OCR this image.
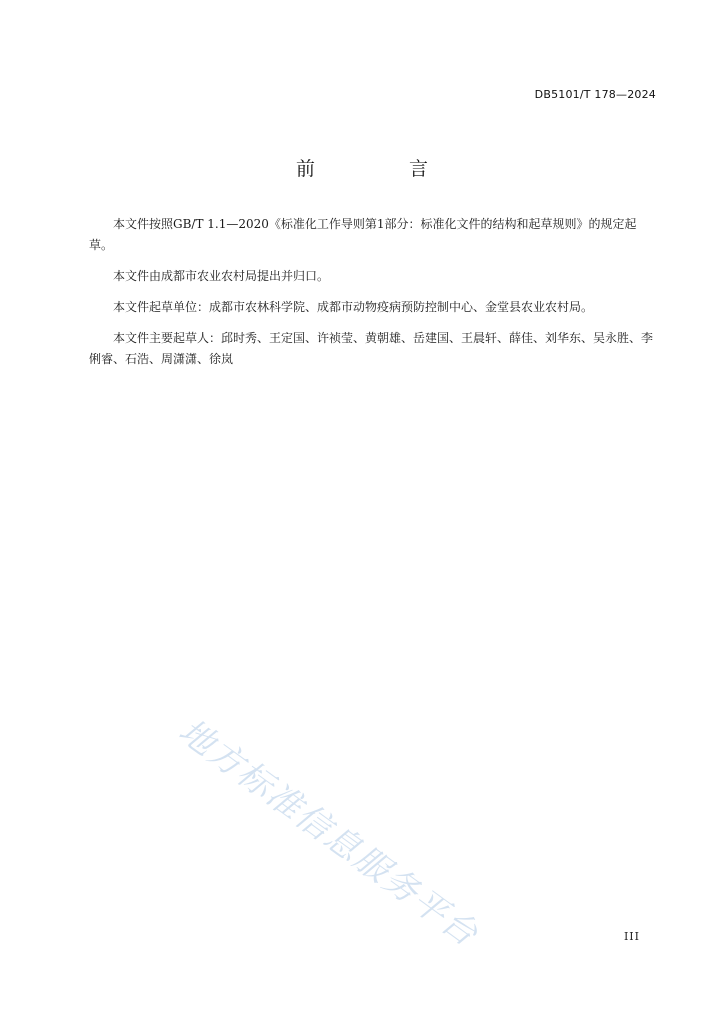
DB5101/T 178—2024
前 言

本文件按照GB/T 1.1—2020《标准化工作导则第1部分：标准化文件的结构和起草规则》的规定起草。

本文件由成都市农业农村局提出并归口。

本文件起草单位：成都市农林科学院、成都市动物疫病预防控制中心、金堂县农业农村局。

本文件主要起草人：邱时秀、王定国、许祯莹、黄朝雄、岳建国、王晨轩、薛佳、刘华东、吴永胜、李俐睿、石浩、周潇潇、徐岚

地方标准信息服务平台	III
